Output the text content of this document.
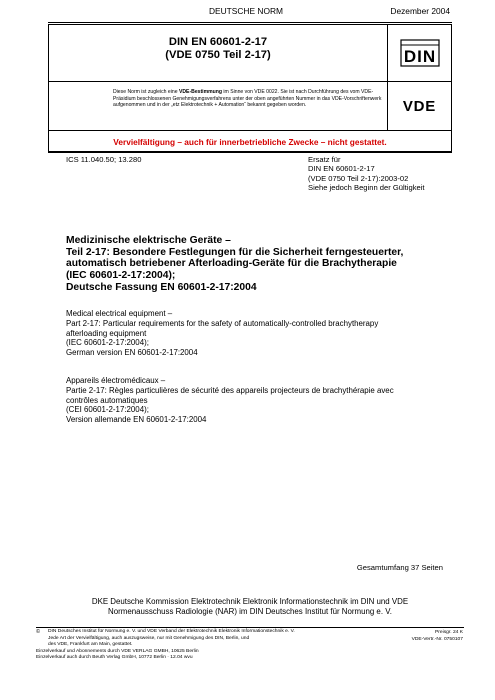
DEUTSCHE NORM	Dezember 2004
DIN EN 60601-2-17
(VDE 0750 Teil 2-17)	DIN
Diese Norm ist zugleich eine VDE-Bestimmung im Sinne von VDE 0022. Sie ist nach Durchführung des vom VDE-Präsidium beschlossenen Genehmigungsverfahrens unter der oben angeführten Nummer in das VDE-Vorschriftenwerk aufgenommen und in der „etz Elektrotechnik + Automation“ bekannt gegeben worden.	VDE
Vervielfältigung – auch für innerbetriebliche Zwecke – nicht gestattet.
ICS 11.040.50; 13.280	Ersatz für
DIN EN 60601-2-17
(VDE 0750 Teil 2-17):2003-02
Siehe jedoch Beginn der Gültigkeit
Medizinische elektrische Geräte –
Teil 2-17: Besondere Festlegungen für die Sicherheit ferngesteuerter,
automatisch betriebener Afterloading-Geräte für die Brachytherapie
(IEC 60601-2-17:2004);
Deutsche Fassung EN 60601-2-17:2004
Medical electrical equipment –
Part 2-17: Particular requirements for the safety of automatically-controlled brachytherapy
afterloading equipment
(IEC 60601-2-17:2004);
German version EN 60601-2-17:2004
Appareils électromédicaux –
Partie 2-17: Règles particulières de sécurité des appareils projecteurs de brachythérapie avec
contrôles automatiques
(CEI 60601-2-17:2004);
Version allemande EN 60601-2-17:2004
Gesamtumfang 37 Seiten
DKE Deutsche Kommission Elektrotechnik Elektronik Informationstechnik im DIN und VDE
Normenausschuss Radiologie (NAR) im DIN Deutsches Institut für Normung e. V.
© DIN Deutsches Institut für Normung e. V. und VDE Verband der Elektrotechnik Elektronik Informationstechnik e. V.
Jede Art der Vervielfältigung, auch auszugsweise, nur mit Genehmigung des DIN, Berlin, und
des VDE, Frankfurt am Main, gestattet.
Einzelverkauf und Abonnements durch VDE VERLAG GMBH, 10625 Berlin
Einzelverkauf auch durch Beuth Verlag GmbH, 10772 Berlin · 12.04 wvu
Preisgr. 24 K
VDE-Vertr.-Nr. 0750107
